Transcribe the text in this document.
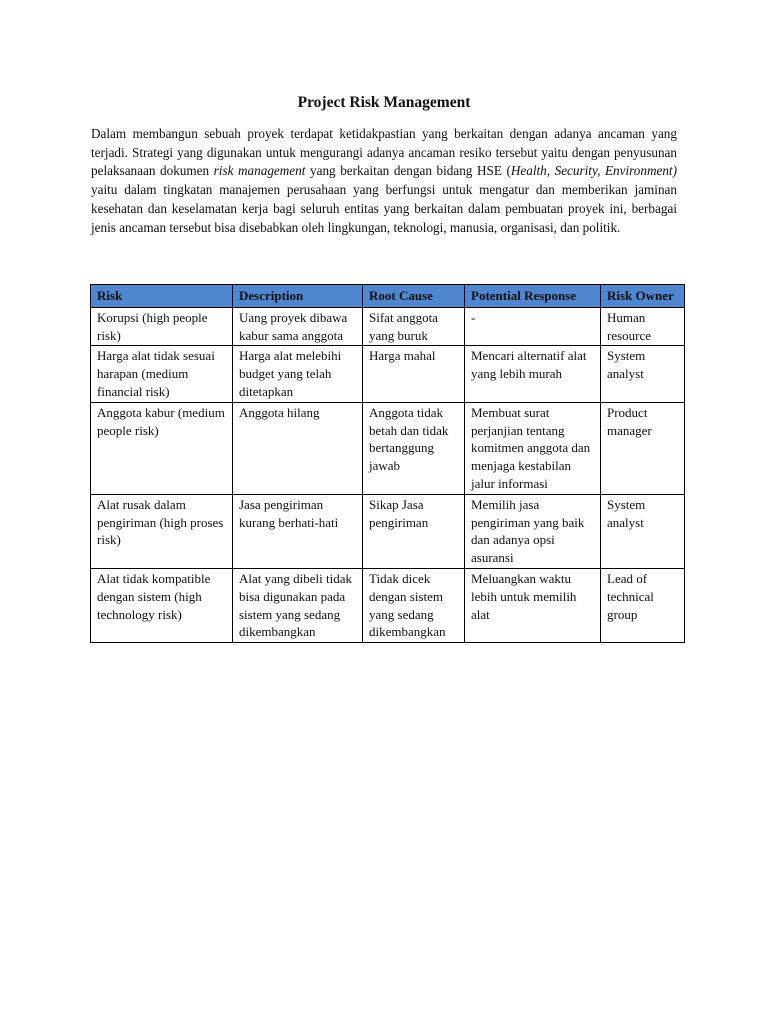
Project Risk Management
Dalam membangun sebuah proyek terdapat ketidakpastian yang berkaitan dengan adanya ancaman yang terjadi. Strategi yang digunakan untuk mengurangi adanya ancaman resiko tersebut yaitu dengan penyusunan pelaksanaan dokumen risk management yang berkaitan dengan bidang HSE (Health, Security, Environment) yaitu dalam tingkatan manajemen perusahaan yang berfungsi untuk mengatur dan memberikan jaminan kesehatan dan keselamatan kerja bagi seluruh entitas yang berkaitan dalam pembuatan proyek ini, berbagai jenis ancaman tersebut bisa disebabkan oleh lingkungan, teknologi, manusia, organisasi, dan politik.
Risk	Description	Root Cause	Potential Response	Risk Owner
Korupsi (high people risk)	Uang proyek dibawa kabur sama anggota	Sifat anggota yang buruk	-	Human resource
Harga alat tidak sesuai harapan (medium financial risk)	Harga alat melebihi budget yang telah ditetapkan	Harga mahal	Mencari alternatif alat yang lebih murah	System analyst
Anggota kabur (medium people risk)	Anggota hilang	Anggota tidak betah dan tidak bertanggung jawab	Membuat surat perjanjian tentang komitmen anggota dan menjaga kestabilan jalur informasi	Product manager
Alat rusak dalam pengiriman (high proses risk)	Jasa pengiriman kurang berhati-hati	Sikap Jasa pengiriman	Memilih jasa pengiriman yang baik dan adanya opsi asuransi	System analyst
Alat tidak kompatible dengan sistem (high technology risk)	Alat yang dibeli tidak bisa digunakan pada sistem yang sedang dikembangkan	Tidak dicek dengan sistem yang sedang dikembangkan	Meluangkan waktu lebih untuk memilih alat	Lead of technical group
